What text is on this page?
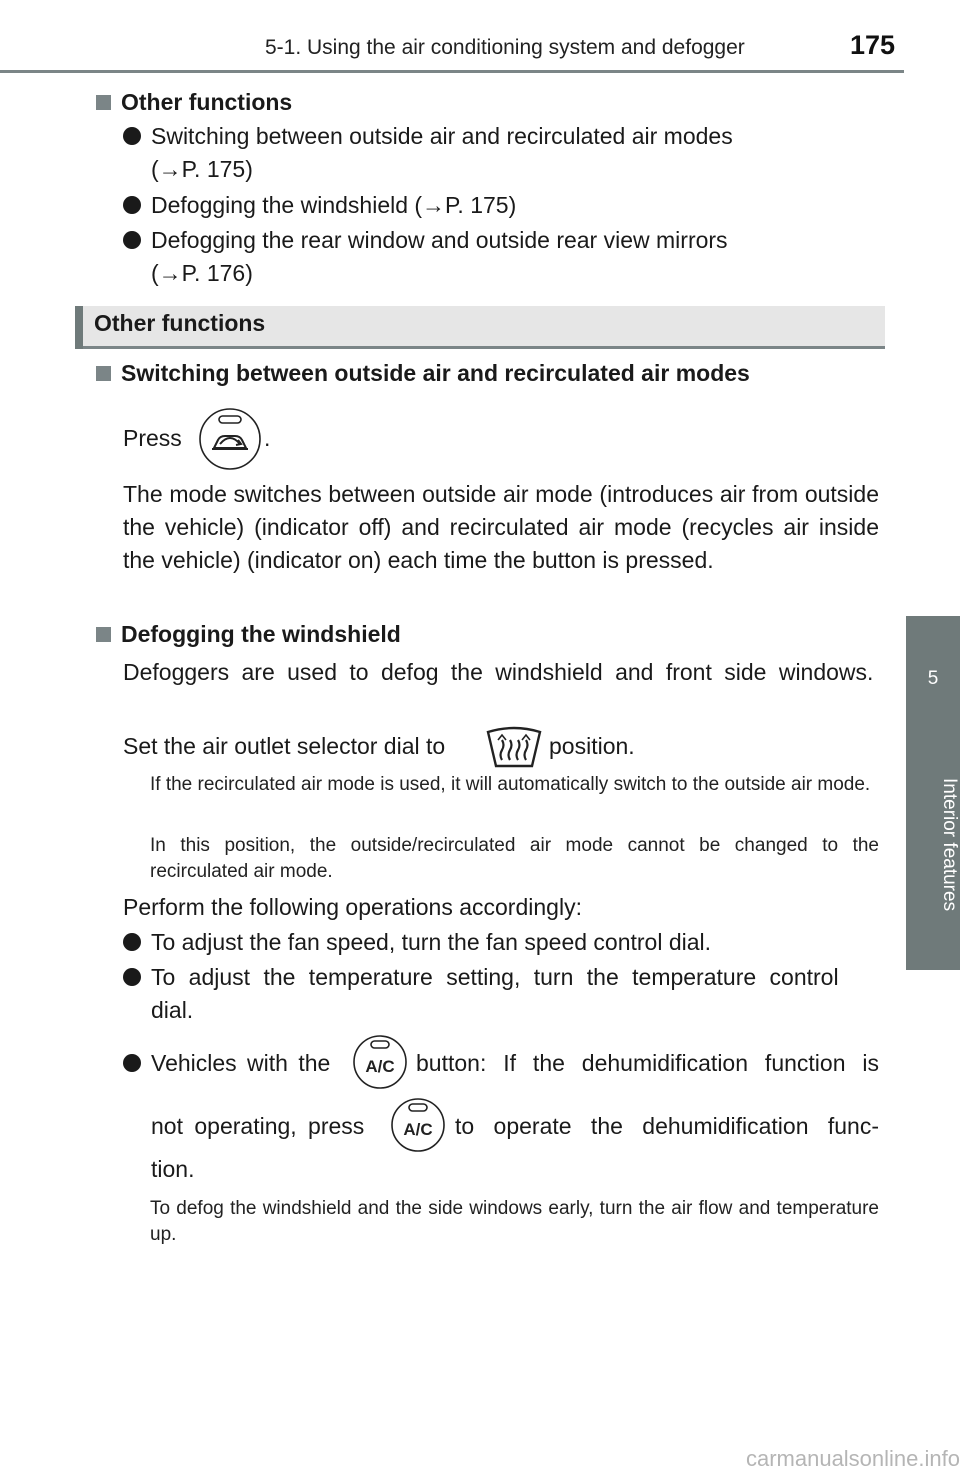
5-1. Using the air conditioning system and defogger	175
5
Interior features
Other functions
Switching between outside air and recirculated air modes
(→P. 175)
Defogging the windshield (→P. 175)
Defogging the rear window and outside rear view mirrors
(→P. 176)
Other functions
Switching between outside air and recirculated air modes
Press	.
The mode switches between outside air mode (introduces air from outside the vehicle) (indicator off) and recirculated air mode (recycles air inside the vehicle) (indicator on) each time the button is pressed.
Defogging the windshield
Defoggers are used to defog the windshield and front side windows.
Set the air outlet selector dial to	position.
If the recirculated air mode is used, it will automatically switch to the outside air mode.
In this position, the outside/recirculated air mode cannot be changed to the recirculated air mode.
Perform the following operations accordingly:
To adjust the fan speed, turn the fan speed control dial.
To adjust the temperature setting, turn the temperature control
dial.
Vehicles with the A/C button: If the dehumidification function is
not operating, press A/C to operate the dehumidification func-
tion.
To defog the windshield and the side windows early, turn the air flow and temperature up.
carmanualsonline.info
